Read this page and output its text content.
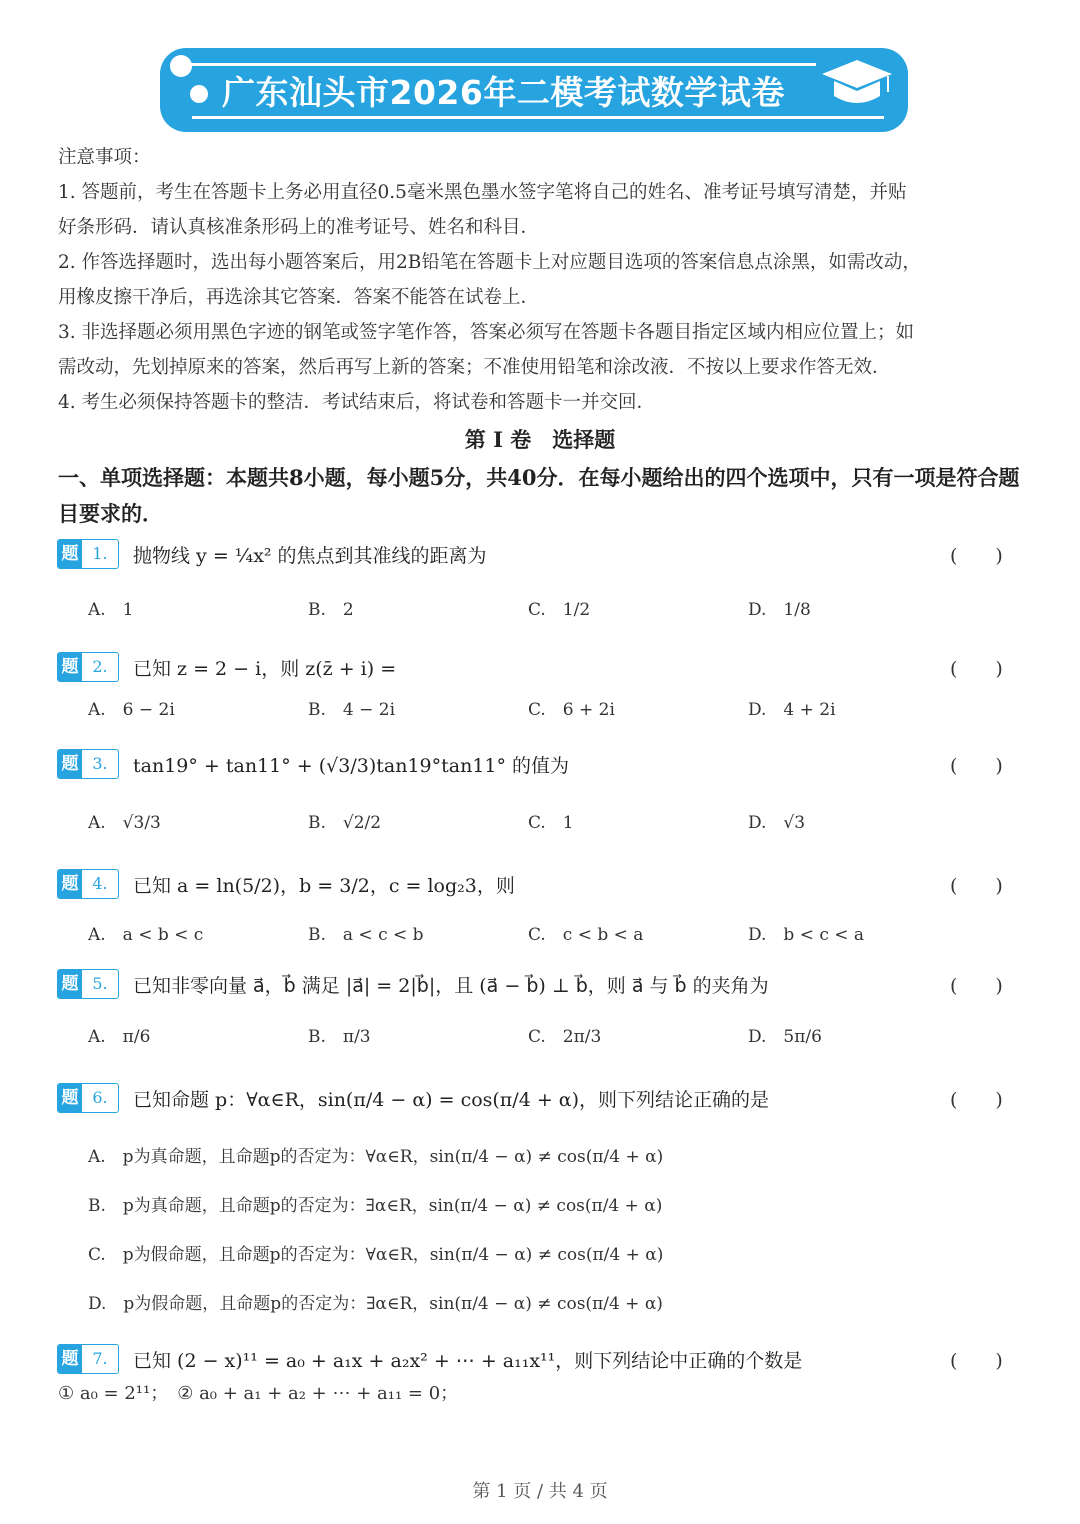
广东汕头市2026年二模考试数学试卷

注意事项：

1. 答题前，考生在答题卡上务必用直径0.5毫米黑色墨水签字笔将自己的姓名、准考证号填写清楚，并贴

好条形码．请认真核准条形码上的准考证号、姓名和科目．

2. 作答选择题时，选出每小题答案后，用2B铅笔在答题卡上对应题目选项的答案信息点涂黑，如需改动，

用橡皮擦干净后，再选涂其它答案．答案不能答在试卷上．

3. 非选择题必须用黑色字迹的钢笔或签字笔作答，答案必须写在答题卡各题目指定区域内相应位置上；如

需改动，先划掉原来的答案，然后再写上新的答案；不准使用铅笔和涂改液．不按以上要求作答无效．

4. 考生必须保持答题卡的整洁．考试结束后，将试卷和答题卡一并交回．

第 I 卷　选择题
一、单项选择题：本题共8小题，每小题5分，共40分．在每小题给出的四个选项中，只有一项是符合题目要求的．
题 1.	抛物线 y = ¼x² 的焦点到其准线的距离为	(　　)
A.　1	B.　2	C.　1/2	D.　1/8
题 2.	已知 z = 2 − i，则 z(z̄ + i) =	(　　)
A.　6 − 2i	B.　4 − 2i	C.　6 + 2i	D.　4 + 2i
题 3.	tan19° + tan11° + (√3/3)tan19°tan11° 的值为	(　　)
A.　√3/3	B.　√2/2	C.　1	D.　√3
题 4.	已知 a = ln(5/2)，b = 3/2，c = log₂3，则	(　　)
A.　a < b < c	B.　a < c < b	C.　c < b < a	D.　b < c < a
题 5.	已知非零向量 a⃗，b⃗ 满足 |a⃗| = 2|b⃗|，且 (a⃗ − b⃗) ⊥ b⃗，则 a⃗ 与 b⃗ 的夹角为	(　　)
A.　π/6	B.　π/3	C.　2π/3	D.　5π/6
题 6.	已知命题 p：∀α∈R，sin(π/4 − α) = cos(π/4 + α)，则下列结论正确的是	(　　)
A.　p为真命题，且命题p的否定为：∀α∈R，sin(π/4 − α) ≠ cos(π/4 + α)
B.　p为真命题，且命题p的否定为：∃α∈R，sin(π/4 − α) ≠ cos(π/4 + α)
C.　p为假命题，且命题p的否定为：∀α∈R，sin(π/4 − α) ≠ cos(π/4 + α)
D.　p为假命题，且命题p的否定为：∃α∈R，sin(π/4 − α) ≠ cos(π/4 + α)
题 7.	已知 (2 − x)¹¹ = a₀ + a₁x + a₂x² + ⋯ + a₁₁x¹¹，则下列结论中正确的个数是	(　　)
① a₀ = 2¹¹；　② a₀ + a₁ + a₂ + ⋯ + a₁₁ = 0；
第 1 页 / 共 4 页
